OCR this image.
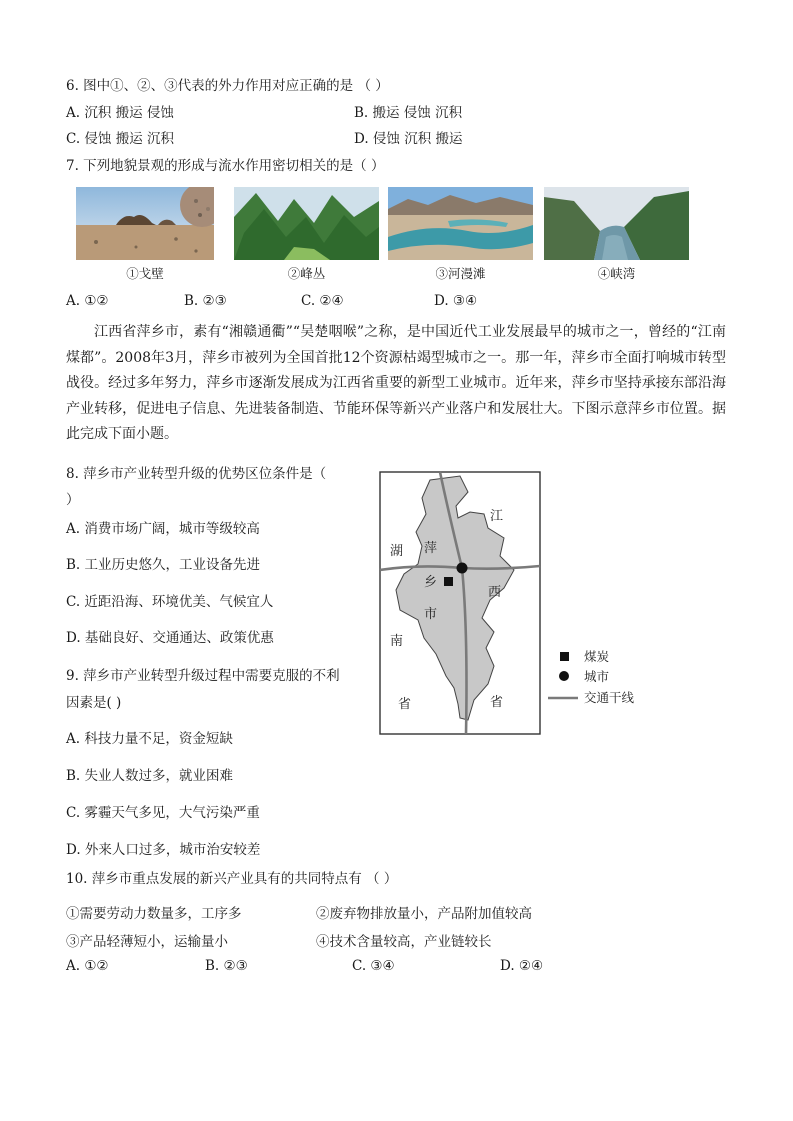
6. 图中①、②、③代表的外力作用对应正确的是 （ ）
A. 沉积 搬运 侵蚀	B. 搬运 侵蚀 沉积
C. 侵蚀 搬运 沉积	D. 侵蚀 沉积 搬运
7. 下列地貌景观的形成与流水作用密切相关的是（ ）
①戈壁	②峰丛	③河漫滩	④峡湾
A. ①②	B. ②③	C. ②④	D. ③④
江西省萍乡市，素有“湘赣通衢”“吴楚咽喉”之称，是中国近代工业发展最早的城市之一，曾经的“江南煤都”。2008年3月，萍乡市被列为全国首批12个资源枯竭型城市之一。那一年，萍乡市全面打响城市转型战役。经过多年努力，萍乡市逐渐发展成为江西省重要的新型工业城市。近年来，萍乡市坚持承接东部沿海产业转移，促进电子信息、先进装备制造、节能环保等新兴产业落户和发展壮大。下图示意萍乡市位置。据此完成下面小题。
8. 萍乡市产业转型升级的优势区位条件是（
）
A. 消费市场广阔，城市等级较高
B. 工业历史悠久，工业设备先进
C. 近距沿海、环境优美、气候宜人
D. 基础良好、交通通达、政策优惠
9. 萍乡市产业转型升级过程中需要克服的不利
因素是( )
A. 科技力量不足，资金短缺
B. 失业人数过多，就业困难
C. 雾霾天气多见，大气污染严重
D. 外来人口过多，城市治安较差
湖
南
省
江
西
省
萍
乡
市
煤炭
城市
交通干线
10. 萍乡市重点发展的新兴产业具有的共同特点有 （ ）
①需要劳动力数量多，工序多	②废弃物排放量小，产品附加值较高
③产品轻薄短小，运输量小	④技术含量较高，产业链较长
A. ①②	B. ②③	C. ③④	D. ②④
